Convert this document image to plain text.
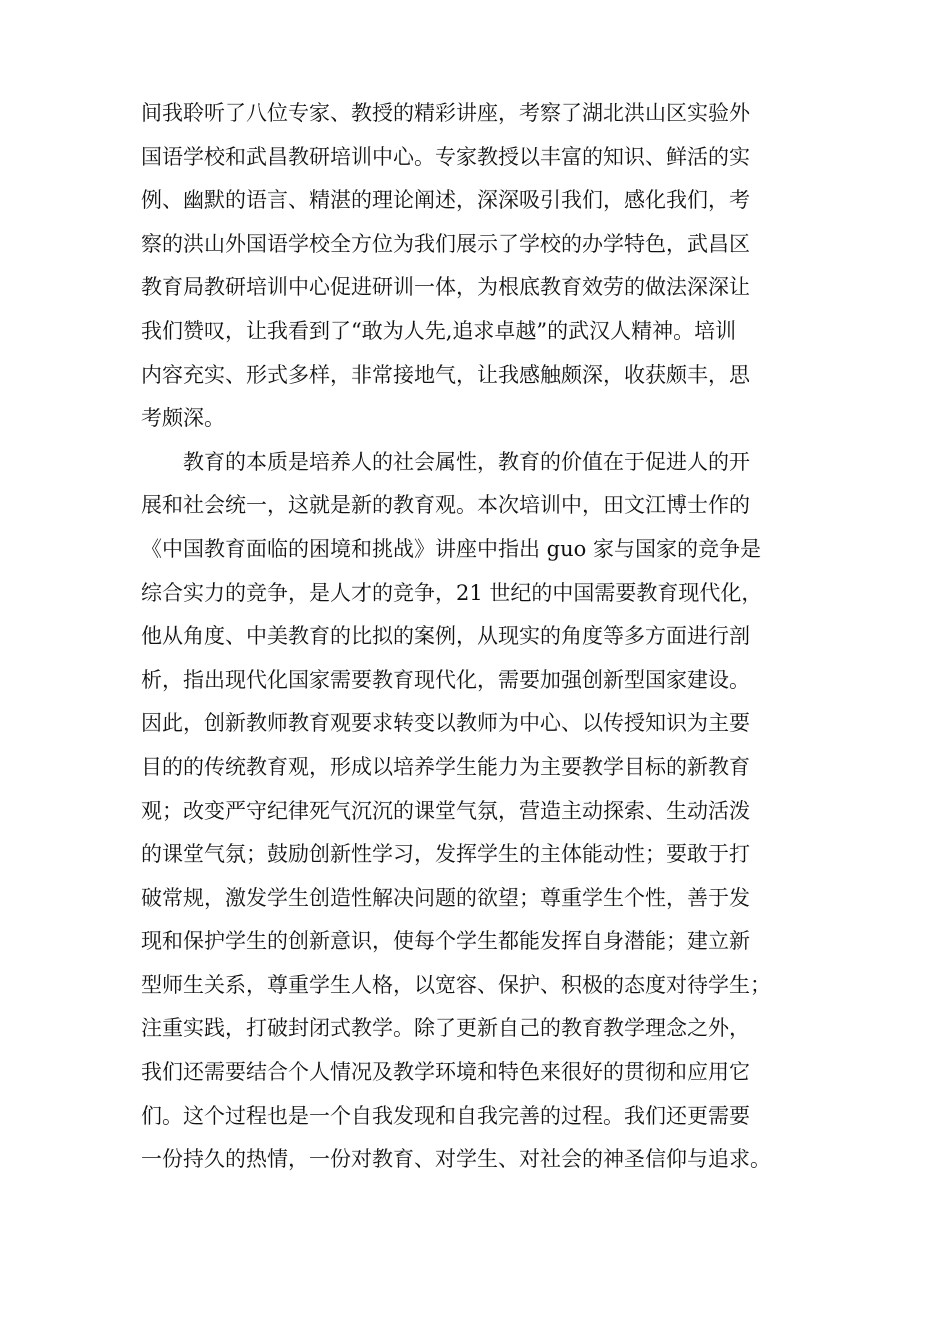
间我聆听了八位专家、教授的精彩讲座，考察了湖北洪山区实验外
国语学校和武昌教研培训中心。专家教授以丰富的知识、鲜活的实
例、幽默的语言、精湛的理论阐述，深深吸引我们，感化我们，考
察的洪山外国语学校全方位为我们展示了学校的办学特色，武昌区
教育局教研培训中心促进研训一体，为根底教育效劳的做法深深让
我们赞叹，让我看到了“敢为人先,追求卓越”的武汉人精神。培训
内容充实、形式多样，非常接地气，让我感触颇深，收获颇丰，思
考颇深。
教育的本质是培养人的社会属性，教育的价值在于促进人的开
展和社会统一，这就是新的教育观。本次培训中，田文江博士作的
《中国教育面临的困境和挑战》讲座中指出 guo 家与国家的竞争是
综合实力的竞争，是人才的竞争，21 世纪的中国需要教育现代化，
他从角度、中美教育的比拟的案例，从现实的角度等多方面进行剖
析，指出现代化国家需要教育现代化，需要加强创新型国家建设。
因此，创新教师教育观要求转变以教师为中心、以传授知识为主要
目的的传统教育观，形成以培养学生能力为主要教学目标的新教育
观；改变严守纪律死气沉沉的课堂气氛，营造主动探索、生动活泼
的课堂气氛；鼓励创新性学习，发挥学生的主体能动性；要敢于打
破常规，激发学生创造性解决问题的欲望；尊重学生个性，善于发
现和保护学生的创新意识，使每个学生都能发挥自身潜能；建立新
型师生关系，尊重学生人格，以宽容、保护、积极的态度对待学生；
注重实践，打破封闭式教学。除了更新自己的教育教学理念之外，
我们还需要结合个人情况及教学环境和特色来很好的贯彻和应用它
们。这个过程也是一个自我发现和自我完善的过程。我们还更需要
一份持久的热情，一份对教育、对学生、对社会的神圣信仰与追求。
